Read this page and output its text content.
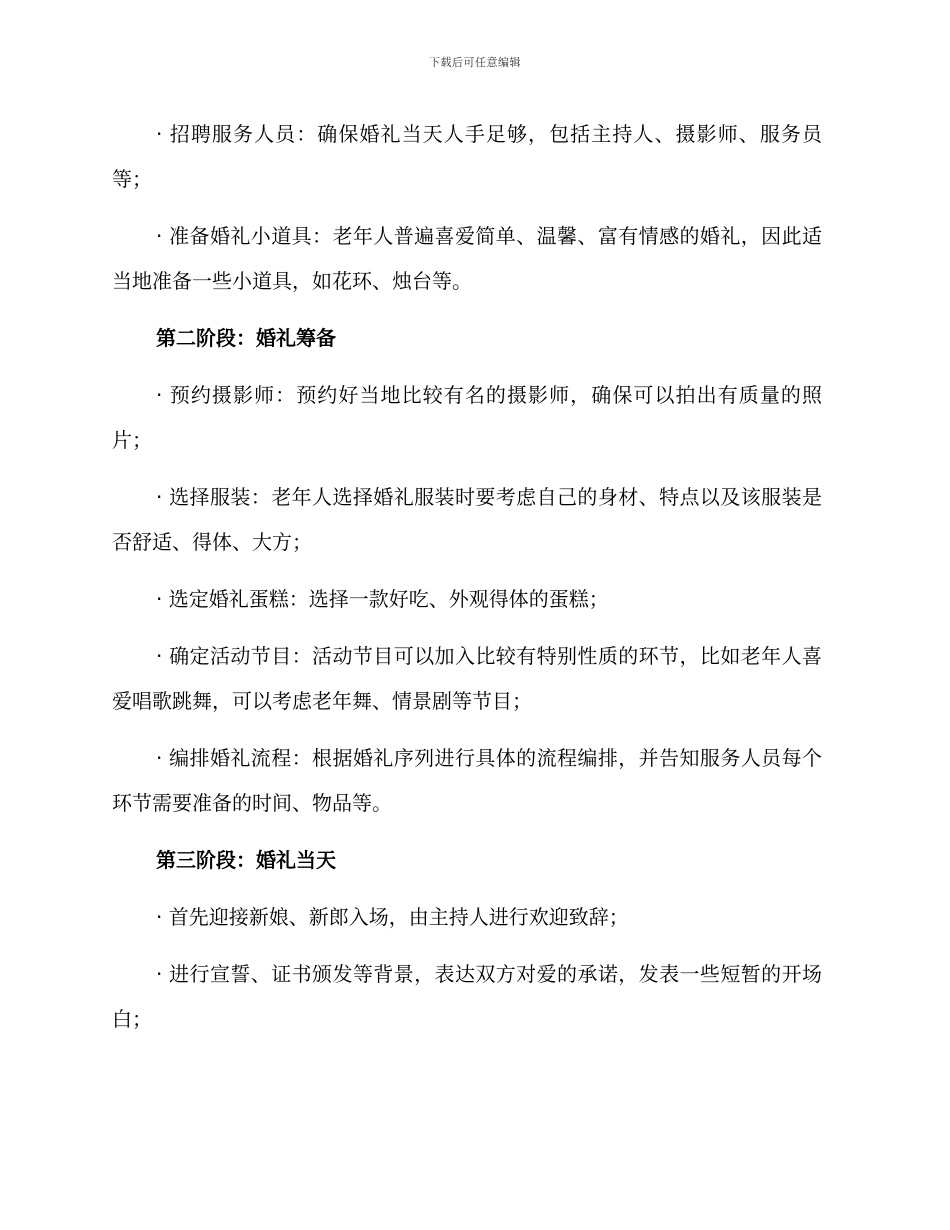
下载后可任意编辑

· 招聘服务人员：确保婚礼当天人手足够，包括主持人、摄影师、服务员等；

· 准备婚礼小道具：老年人普遍喜爱简单、温馨、富有情感的婚礼，因此适当地准备一些小道具，如花环、烛台等。

第二阶段：婚礼筹备

· 预约摄影师：预约好当地比较有名的摄影师，确保可以拍出有质量的照片；

· 选择服装：老年人选择婚礼服装时要考虑自己的身材、特点以及该服装是否舒适、得体、大方；

· 选定婚礼蛋糕：选择一款好吃、外观得体的蛋糕；

· 确定活动节目：活动节目可以加入比较有特别性质的环节，比如老年人喜爱唱歌跳舞，可以考虑老年舞、情景剧等节目；

· 编排婚礼流程：根据婚礼序列进行具体的流程编排，并告知服务人员每个环节需要准备的时间、物品等。

第三阶段：婚礼当天

· 首先迎接新娘、新郎入场，由主持人进行欢迎致辞；

· 进行宣誓、证书颁发等背景，表达双方对爱的承诺，发表一些短暂的开场白；
